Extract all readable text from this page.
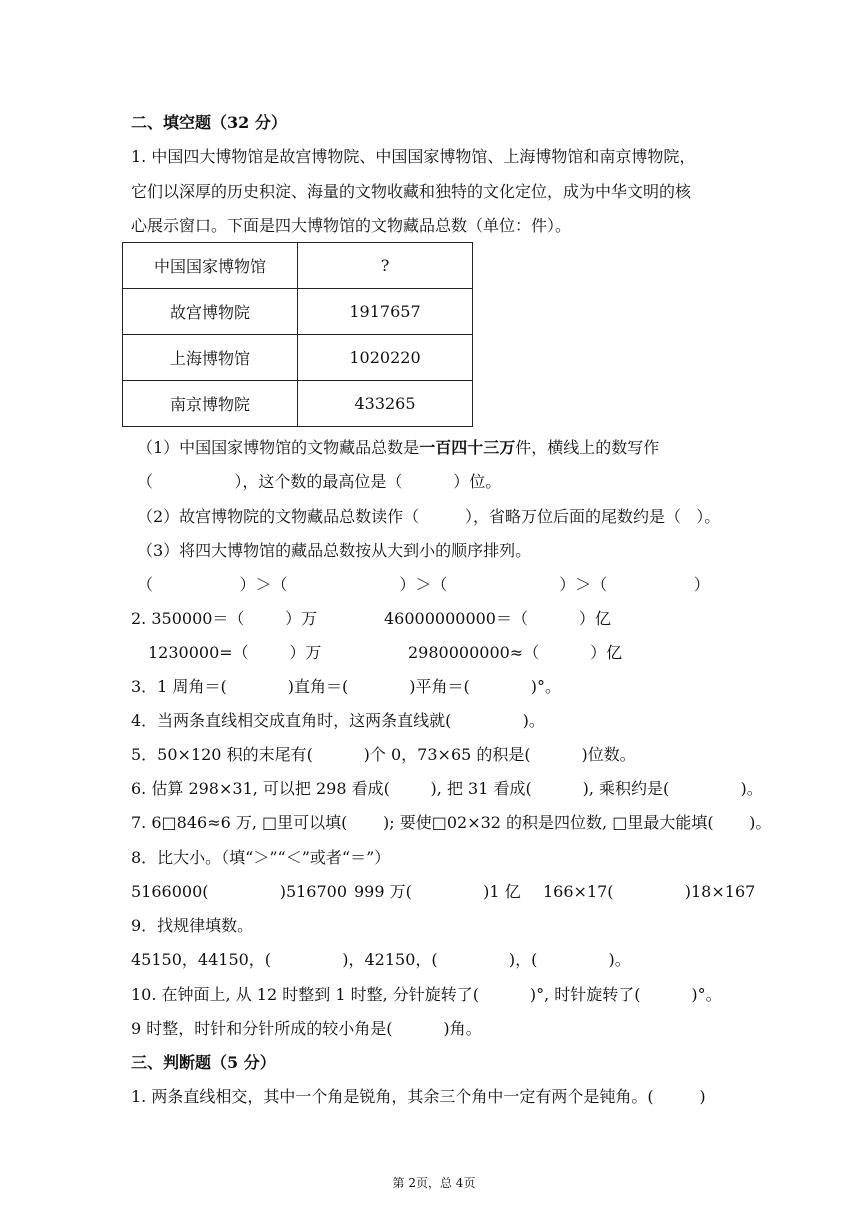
二、填空题（32 分）
1. 中国四大博物馆是故宫博物院、中国国家博物馆、上海博物馆和南京博物院，
它们以深厚的历史积淀、海量的文物收藏和独特的文化定位，成为中华文明的核
心展示窗口。下面是四大博物馆的文物藏品总数（单位：件）。
中国国家博物馆	?
故宫博物院	1917657
上海博物馆	1020220
南京博物院	433265
（1）中国国家博物馆的文物藏品总数是一百四十三万件，横线上的数写作
（                ），这个数的最高位是（          ）位。
（2）故宫博物院的文物藏品总数读作（         ），省略万位后面的尾数约是（   ）。
（3）将四大博物馆的藏品总数按从大到小的顺序排列。
（                 ）＞（                      ）＞（                      ）＞（                 ）
2. 350000＝（        ）万	46000000000＝（          ）亿
1230000=（        ）万	2980000000≈（          ）亿
3．1 周角＝(            )直角＝(            )平角＝(            )°。
4．当两条直线相交成直角时，这两条直线就(              )。
5．50×120 积的末尾有(          )个 0，73×65 的积是(          )位数。
6. 估算 298×31, 可以把 298 看成(        ), 把 31 看成(          ), 乘积约是(              )。
7. 6□846≈6 万, □里可以填(       ); 要使□02×32 的积是四位数, □里最大能填(       )。
8．比大小。（填“＞”“＜”或者“＝”）
5166000(              )516700 999 万(              )1 亿 166×17(              )18×167
9．找规律填数。
45150，44150，(              )，42150，(              )，(              )。
10. 在钟面上, 从 12 时整到 1 时整, 分针旋转了(          )°, 时针旋转了(          )°。
9 时整，时针和分针所成的较小角是(          )角。
三、判断题（5 分）
1. 两条直线相交，其中一个角是锐角，其余三个角中一定有两个是钝角。(         )
第 2页，总 4页
